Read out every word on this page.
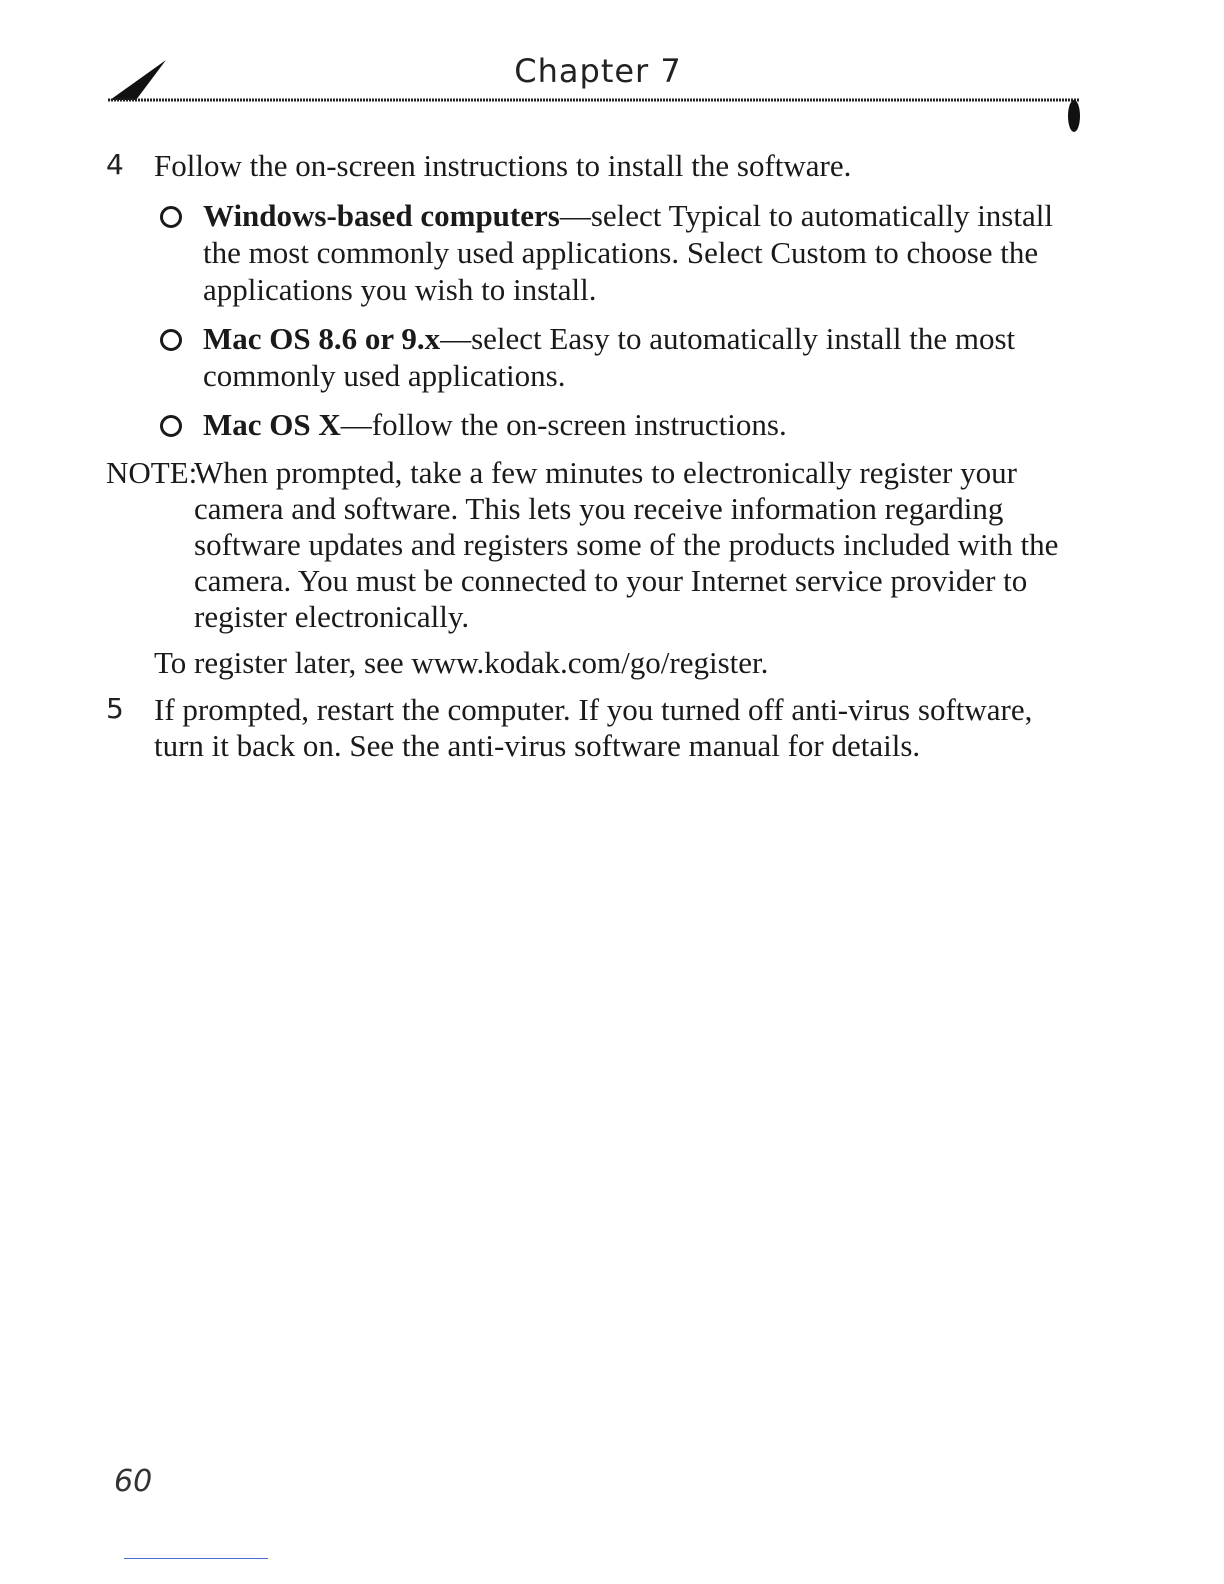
Chapter 7
4 Follow the on-screen instructions to install the software.
Windows-based computers—select Typical to automatically install
the most commonly used applications. Select Custom to choose the
applications you wish to install.
Mac OS 8.6 or 9.x—select Easy to automatically install the most
commonly used applications.
Mac OS X—follow the on-screen instructions.
NOTE:
When prompted, take a few minutes to electronically register your
camera and software. This lets you receive information regarding
software updates and registers some of the products included with the
camera. You must be connected to your Internet service provider to
register electronically.
To register later, see www.kodak.com/go/register.
5 If prompted, restart the computer. If you turned off anti-virus software,
turn it back on. See the anti-virus software manual for details.
60
